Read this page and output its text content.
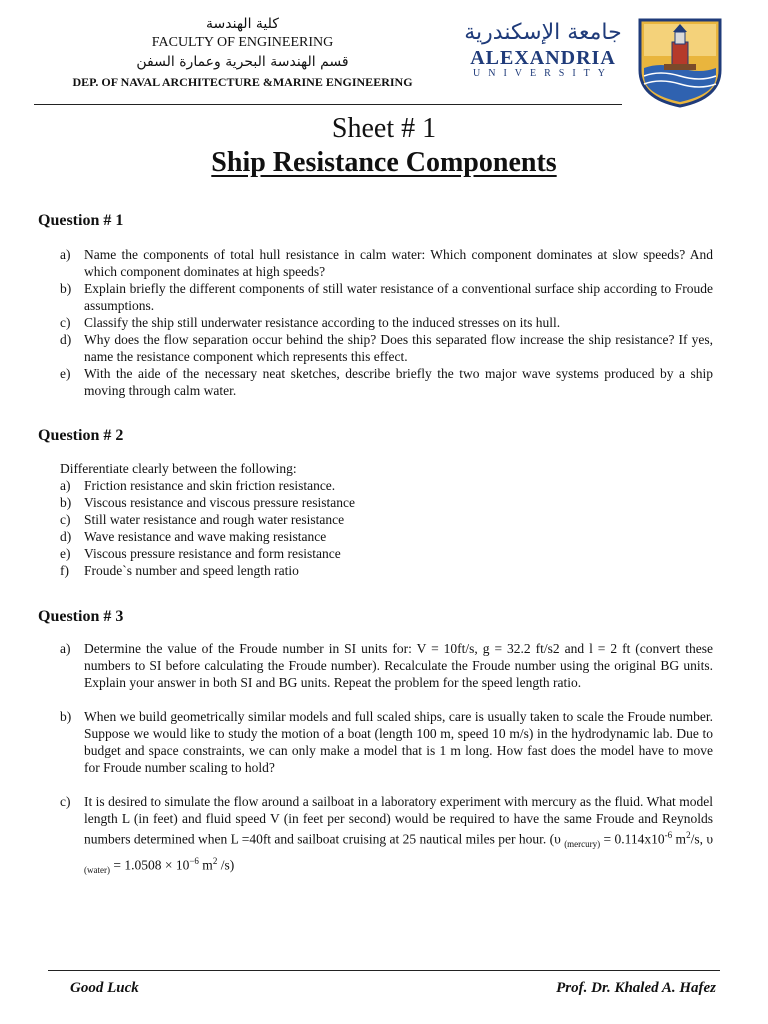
كلية الهندسة
FACULTY OF ENGINEERING
قسم الهندسة البحرية وعمارة السفن
DEP. OF NAVAL ARCHITECTURE &MARINE ENGINEERING
جامعة الإسكندرية
ALEXANDRIA
UNIVERSITY
Sheet # 1
Ship Resistance Components
Question # 1
a)	Name the components of total hull resistance in calm water: Which component dominates at slow speeds? And which component dominates at high speeds?
b) Explain briefly the different components of still water resistance of a conventional surface ship according to Froude assumptions.
c)	Classify the ship still underwater resistance according to the induced stresses on its hull.
d) Why does the flow separation occur behind the ship? Does this separated flow increase the ship resistance? If yes, name the resistance component which represents this effect.
e)	With the aide of the necessary neat sketches, describe briefly the two major wave systems produced by a ship moving through calm water.
Question # 2
Differentiate clearly between the following:
a)	Friction resistance and skin friction resistance.
b) Viscous resistance and viscous pressure resistance
c)	Still water resistance and rough water resistance
d) Wave resistance and wave making resistance
e)	Viscous pressure resistance and form resistance
f)	Froude`s number and speed length ratio
Question # 3
a)	Determine the value of the Froude number in SI units for: V = 10ft/s, g = 32.2 ft/s2 and l = 2 ft (convert these numbers to SI before calculating the Froude number). Recalculate the Froude number using the original BG units. Explain your answer in both SI and BG units. Repeat the problem for the speed length ratio.
b) When we build geometrically similar models and full scaled ships, care is usually taken to scale the Froude number. Suppose we would like to study the motion of a boat (length 100 m, speed 10 m/s) in the hydrodynamic lab. Due to budget and space constraints, we can only make a model that is 1 m long. How fast does the model have to move for Froude number scaling to hold?
c)	It is desired to simulate the flow around a sailboat in a laboratory experiment with mercury as the fluid. What model length L (in feet) and fluid speed V (in feet per second) would be required to have the same Froude and Reynolds numbers determined when L =40ft and sailboat cruising at 25 nautical miles per hour. (υ $_{(mercury)} = 0.114x10^{-6}$ $m^2/s$, υ $_{(water)} = 1.0508 \times 10^{-6}$ $m^2$ /s)
Good Luck	Prof. Dr. Khaled A. Hafez
